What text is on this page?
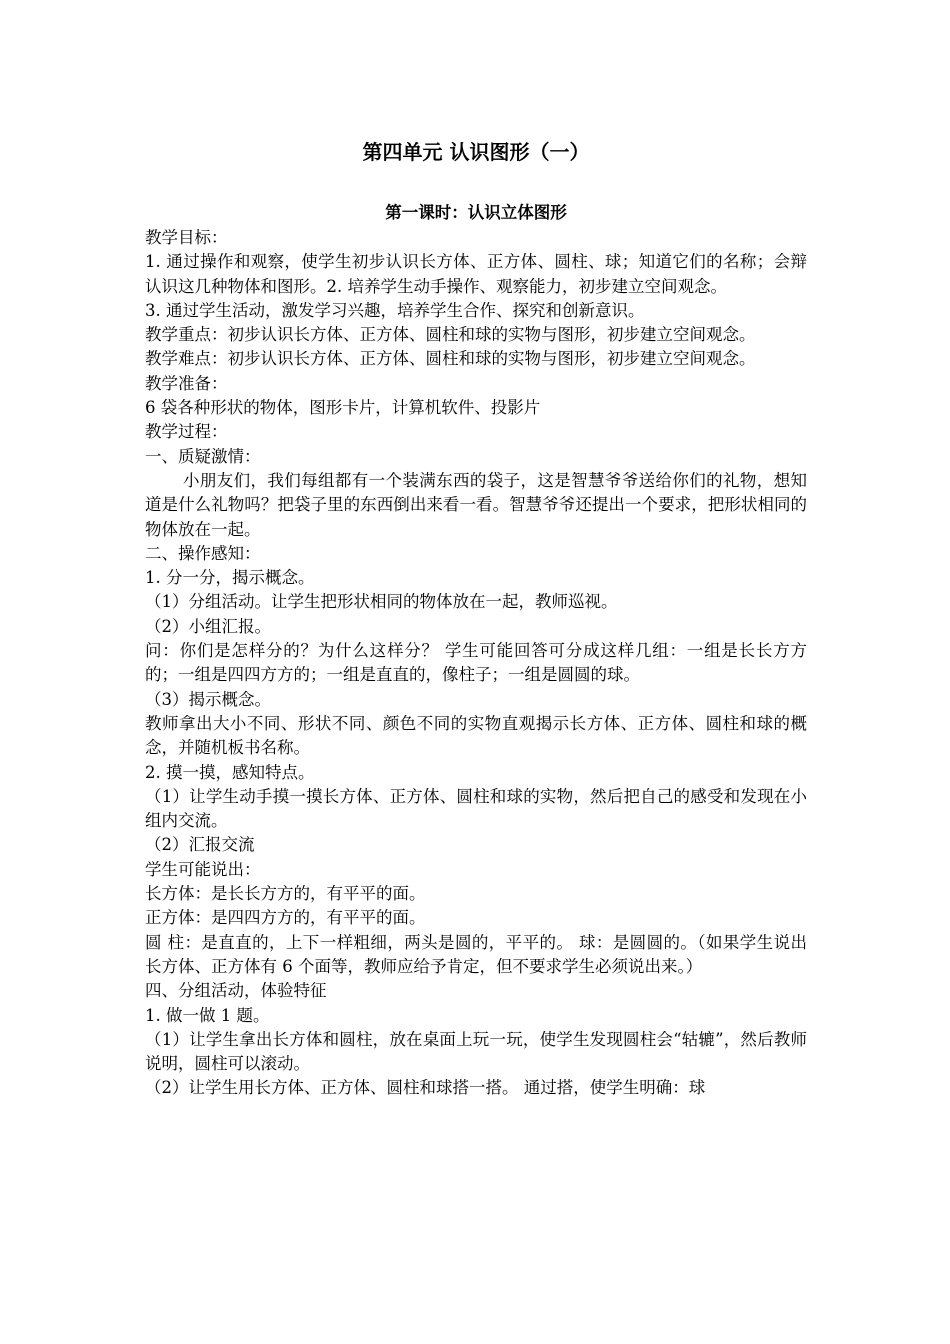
第四单元 认识图形（一）
第一课时：认识立体图形

教学目标：

1. 通过操作和观察，使学生初步认识长方体、正方体、圆柱、球；知道它们的名称；会辩认识这几种物体和图形。2. 培养学生动手操作、观察能力，初步建立空间观念。

3. 通过学生活动，激发学习兴趣，培养学生合作、探究和创新意识。

教学重点：初步认识长方体、正方体、圆柱和球的实物与图形，初步建立空间观念。

教学难点：初步认识长方体、正方体、圆柱和球的实物与图形，初步建立空间观念。

教学准备：

6 袋各种形状的物体，图形卡片，计算机软件、投影片

教学过程：

一、质疑激情：

小朋友们，我们每组都有一个装满东西的袋子，这是智慧爷爷送给你们的礼物，想知道是什么礼物吗？把袋子里的东西倒出来看一看。智慧爷爷还提出一个要求，把形状相同的物体放在一起。

二、操作感知：

1. 分一分，揭示概念。

（1）分组活动。让学生把形状相同的物体放在一起，教师巡视。

（2）小组汇报。

问：你们是怎样分的？为什么这样分？ 学生可能回答可分成这样几组：一组是长长方方的；一组是四四方方的；一组是直直的，像柱子；一组是圆圆的球。

（3）揭示概念。

教师拿出大小不同、形状不同、颜色不同的实物直观揭示长方体、正方体、圆柱和球的概念，并随机板书名称。

2. 摸一摸，感知特点。

（1）让学生动手摸一摸长方体、正方体、圆柱和球的实物，然后把自己的感受和发现在小组内交流。

（2）汇报交流

学生可能说出：

长方体：是长长方方的，有平平的面。

正方体：是四四方方的，有平平的面。

圆 柱：是直直的，上下一样粗细，两头是圆的，平平的。 球：是圆圆的。（如果学生说出长方体、正方体有 6 个面等，教师应给予肯定，但不要求学生必须说出来。）

四、分组活动，体验特征

1. 做一做 1 题。

（1）让学生拿出长方体和圆柱，放在桌面上玩一玩，使学生发现圆柱会“轱辘”，然后教师说明，圆柱可以滚动。

（2）让学生用长方体、正方体、圆柱和球搭一搭。 通过搭，使学生明确：球
